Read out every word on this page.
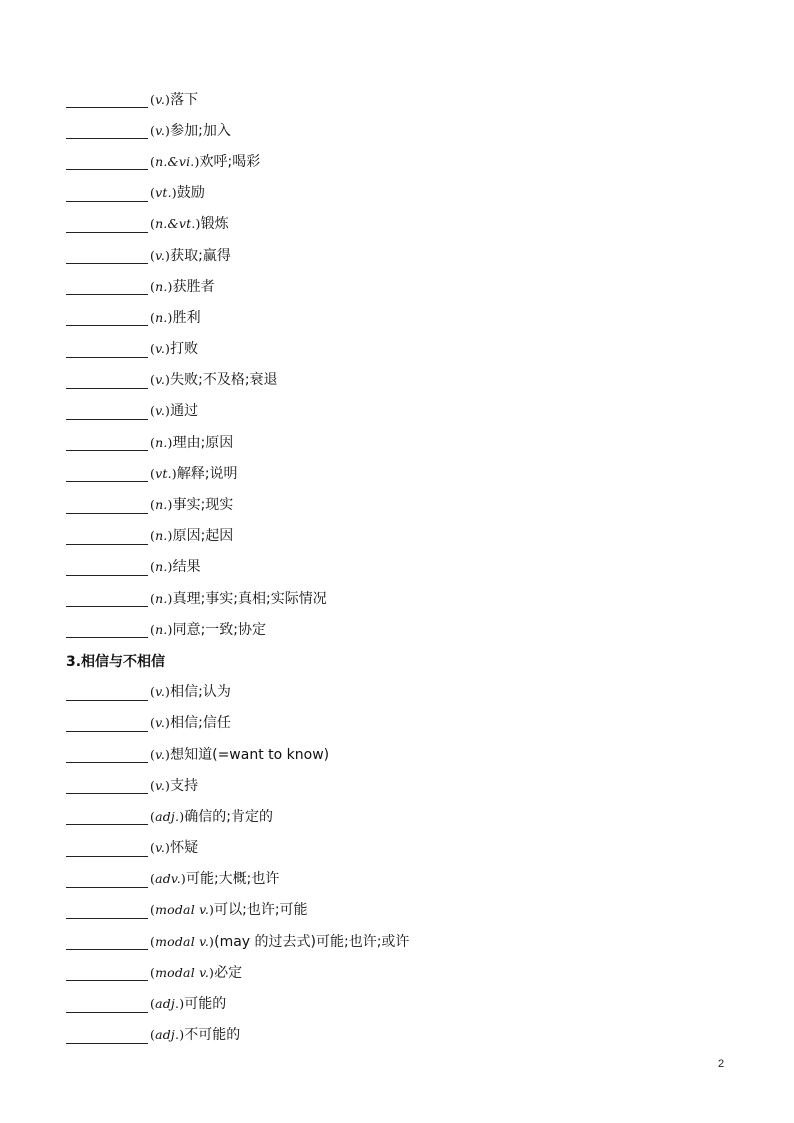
(v.) 落下
(v.) 参加;加入
(n.&vi.) 欢呼;喝彩
(vt.) 鼓励
(n.&vt.) 锻炼
(v.) 获取;赢得
(n.) 获胜者
(n.) 胜利
(v.) 打败
(v.) 失败;不及格;衰退
(v.) 通过
(n.) 理由;原因
(vt.) 解释;说明
(n.) 事实;现实
(n.) 原因;起因
(n.) 结果
(n.) 真理;事实;真相;实际情况
(n.) 同意;一致;协定
3.相信与不相信
(v.) 相信;认为
(v.) 相信;信任
(v.) 想知道(=want to know)
(v.) 支持
(adj.) 确信的;肯定的
(v.) 怀疑
(adv.) 可能;大概;也许
(modal v.) 可以;也许;可能
(modal v.) (may 的过去式)可能;也许;或许
(modal v.) 必定
(adj.) 可能的
(adj.) 不可能的
2
